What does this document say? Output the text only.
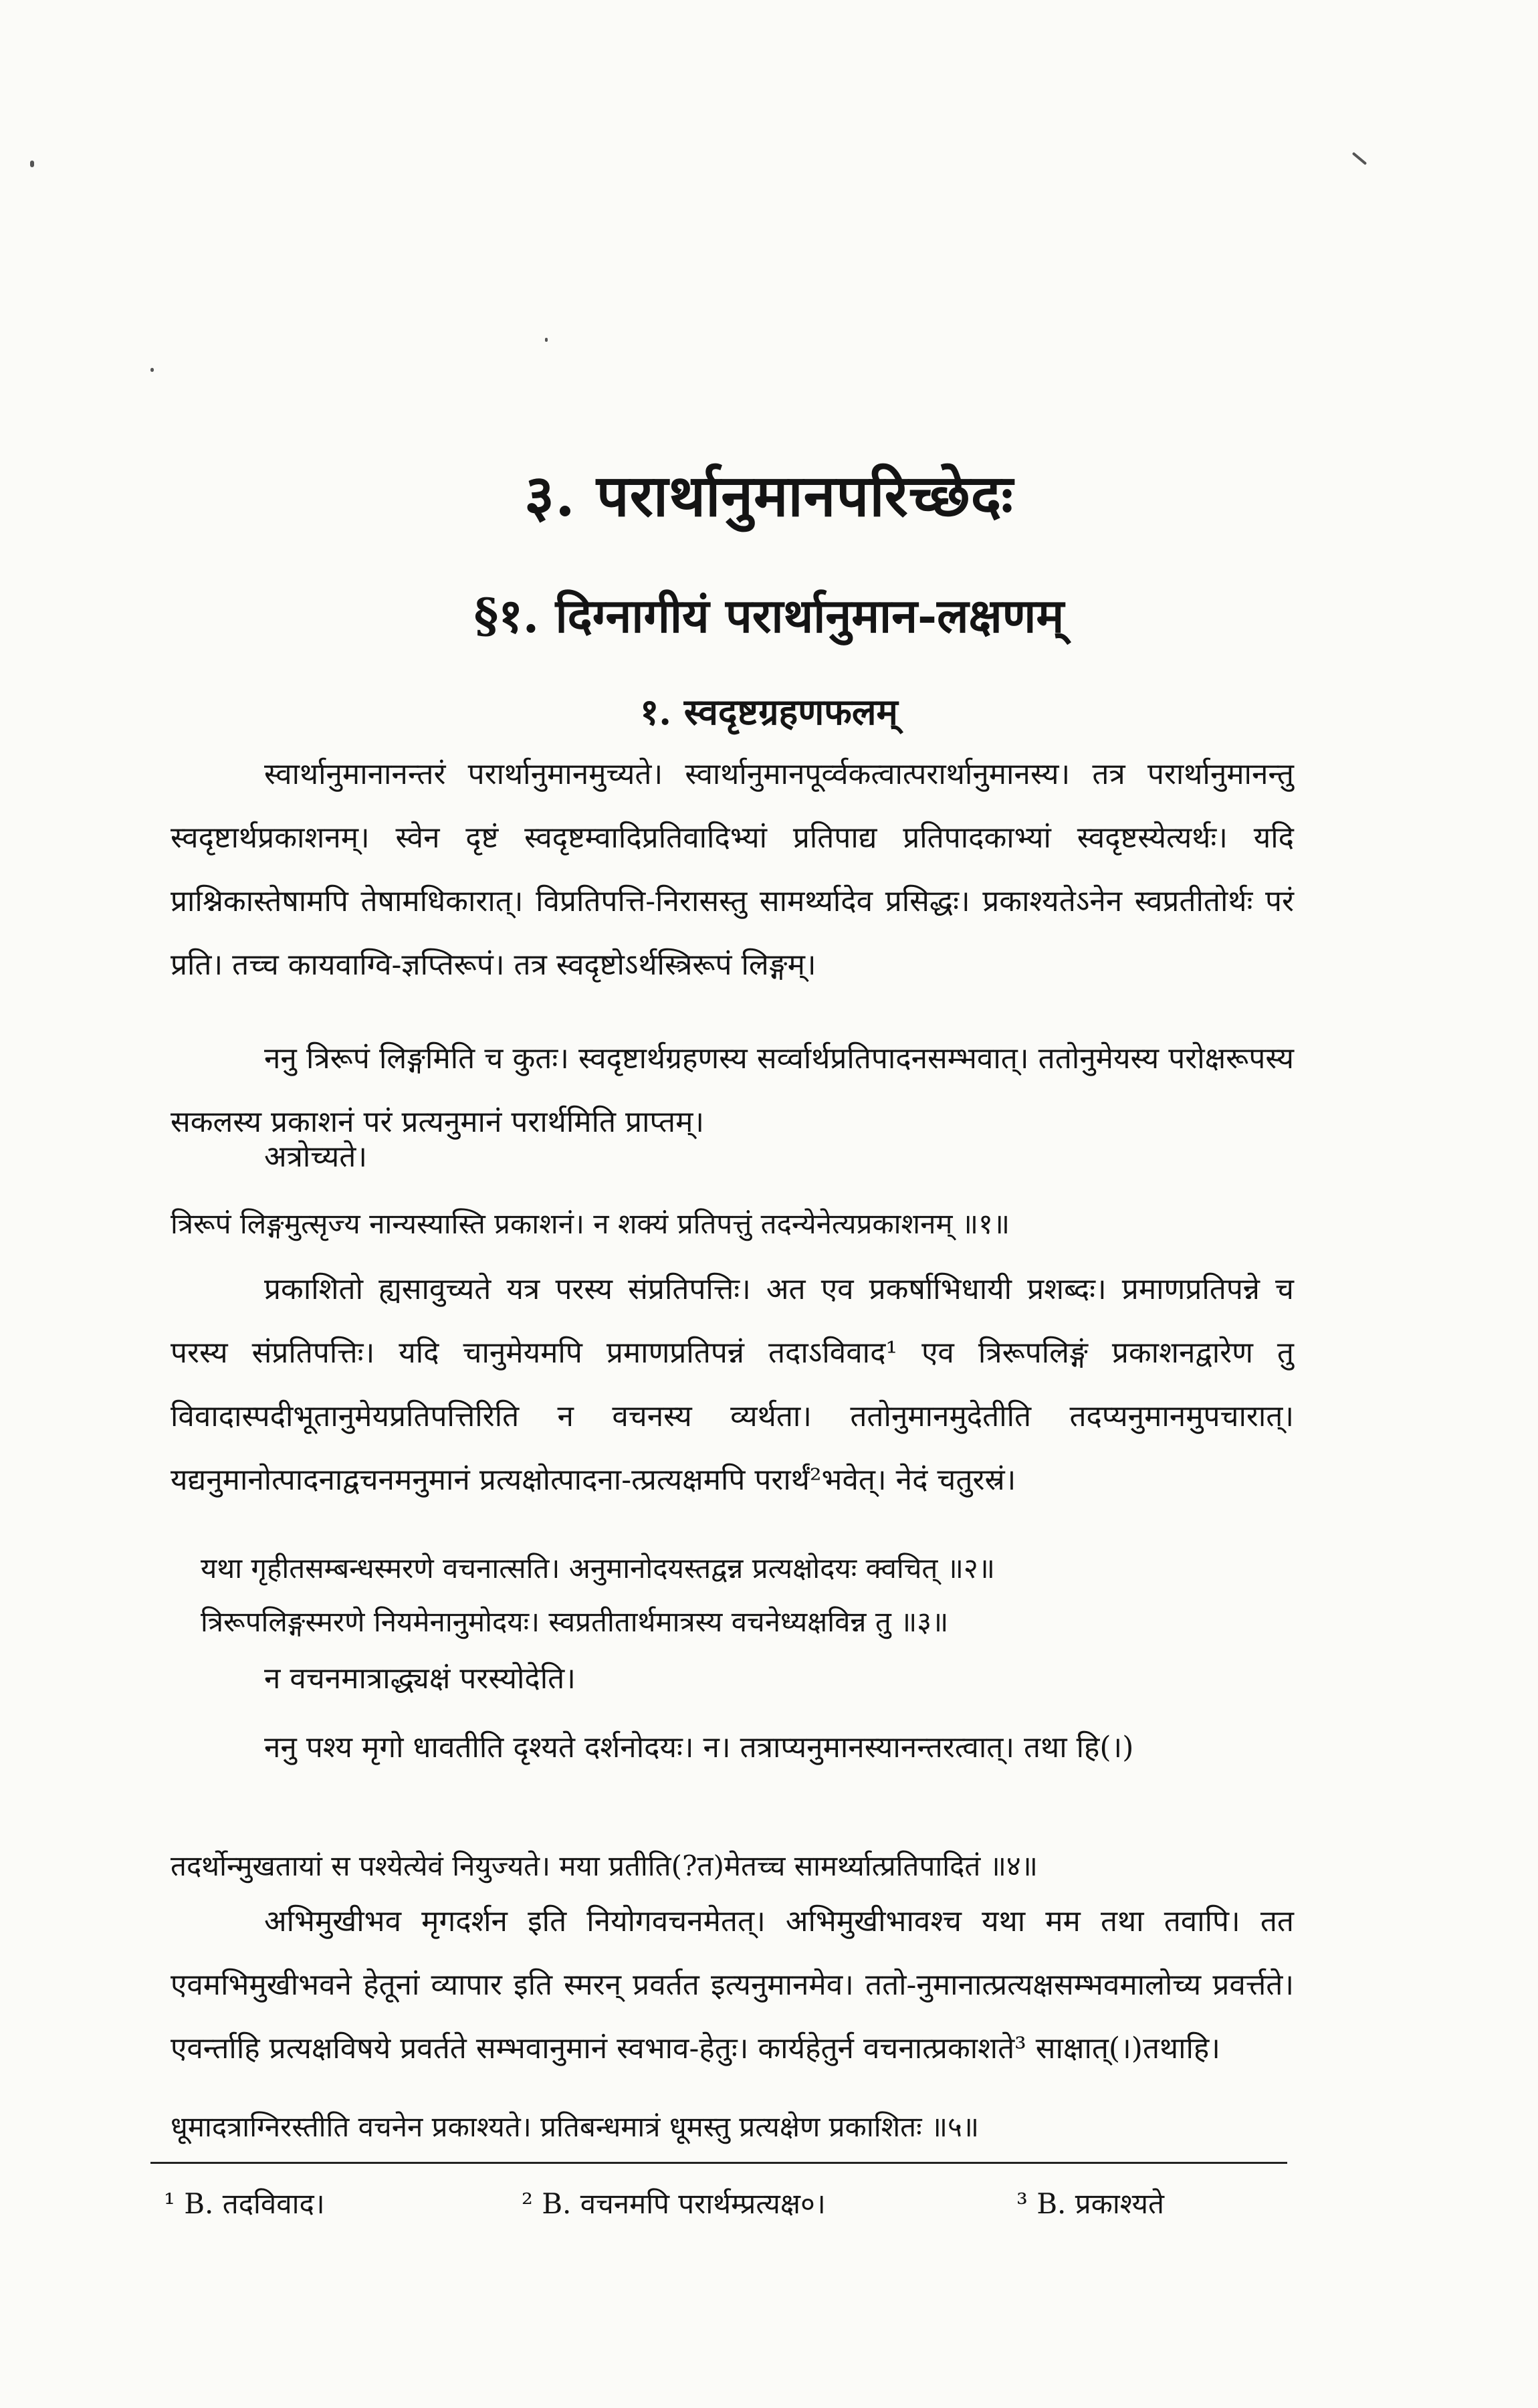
३. परार्थानुमानपरिच्छेदः
§१. दिग्नागीयं परार्थानुमान-लक्षणम्
१. स्वदृष्टग्रहणफलम्
स्वार्थानुमानानन्तरं परार्थानुमानमुच्यते। स्वार्थानुमानपूर्व्वकत्वात्परार्थानुमानस्य। तत्र परार्थानुमानन्तु स्वदृष्टार्थप्रकाशनम्। स्वेन दृष्टं स्वदृष्टम्वादिप्रतिवादिभ्यां प्रतिपाद्य प्रतिपादकाभ्यां स्वदृष्टस्येत्यर्थः। यदि प्राश्निकास्तेषामपि तेषामधिकारात्। विप्रतिपत्ति-निरासस्तु सामर्थ्यादेव प्रसिद्धः। प्रकाश्यतेऽनेन स्वप्रतीतोर्थः परं प्रति। तच्च कायवाग्वि-ज्ञप्तिरूपं। तत्र स्वदृष्टोऽर्थस्त्रिरूपं लिङ्गम्।
ननु त्रिरूपं लिङ्गमिति च कुतः। स्वदृष्टार्थग्रहणस्य सर्व्वार्थप्रतिपादनसम्भवात्। ततोनुमेयस्य परोक्षरूपस्य सकलस्य प्रकाशनं परं प्रत्यनुमानं परार्थमिति प्राप्तम्।
अत्रोच्यते।
त्रिरूपं लिङ्गमुत्सृज्य नान्यस्यास्ति प्रकाशनं। न शक्यं प्रतिपत्तुं तदन्येनेत्यप्रकाशनम् ॥१॥
प्रकाशितो ह्यसावुच्यते यत्र परस्य संप्रतिपत्तिः। अत एव प्रकर्षाभिधायी प्रशब्दः। प्रमाणप्रतिपन्ने च परस्य संप्रतिपत्तिः। यदि चानुमेयमपि प्रमाणप्रतिपन्नं तदाऽविवाद¹ एव त्रिरूपलिङ्गं प्रकाशनद्वारेण तु विवादास्पदीभूतानुमेयप्रतिपत्तिरिति न वचनस्य व्यर्थता। ततोनुमानमुदेतीति तदप्यनुमानमुपचारात्। यद्यनुमानोत्पादनाद्वचनमनुमानं प्रत्यक्षोत्पादना-त्प्रत्यक्षमपि परार्थं²भवेत्। नेदं चतुरस्रं।
यथा गृहीतसम्बन्धस्मरणे वचनात्सति। अनुमानोदयस्तद्वन्न प्रत्यक्षोदयः क्वचित् ॥२॥
त्रिरूपलिङ्गस्मरणे नियमेनानुमोदयः। स्वप्रतीतार्थमात्रस्य वचनेध्यक्षविन्न तु ॥३॥
न वचनमात्राद्ध्यक्षं परस्योदेति।
ननु पश्य मृगो धावतीति दृश्यते दर्शनोदयः। न। तत्राप्यनुमानस्यानन्तरत्वात्। तथा हि(।)
तदर्थोन्मुखतायां स पश्येत्येवं नियुज्यते। मया प्रतीति(?त)मेतच्च सामर्थ्यात्प्रतिपादितं ॥४॥
अभिमुखीभव मृगदर्शन इति नियोगवचनमेतत्। अभिमुखीभावश्च यथा मम तथा तवापि। तत एवमभिमुखीभवने हेतूनां व्यापार इति स्मरन् प्रवर्तत इत्यनुमानमेव। ततो-नुमानात्प्रत्यक्षसम्भवमालोच्य प्रवर्त्तते। एवर्न्ताहि प्रत्यक्षविषये प्रवर्तते सम्भवानुमानं स्वभाव-हेतुः। कार्यहेतुर्न वचनात्प्रकाशते³ साक्षात्(।)तथाहि।
धूमादत्राग्निरस्तीति वचनेन प्रकाश्यते। प्रतिबन्धमात्रं धूमस्तु प्रत्यक्षेण प्रकाशितः ॥५॥
¹ B. तदविवाद।	² B. वचनमपि परार्थम्प्रत्यक्ष०।	³ B. प्रकाश्यते
